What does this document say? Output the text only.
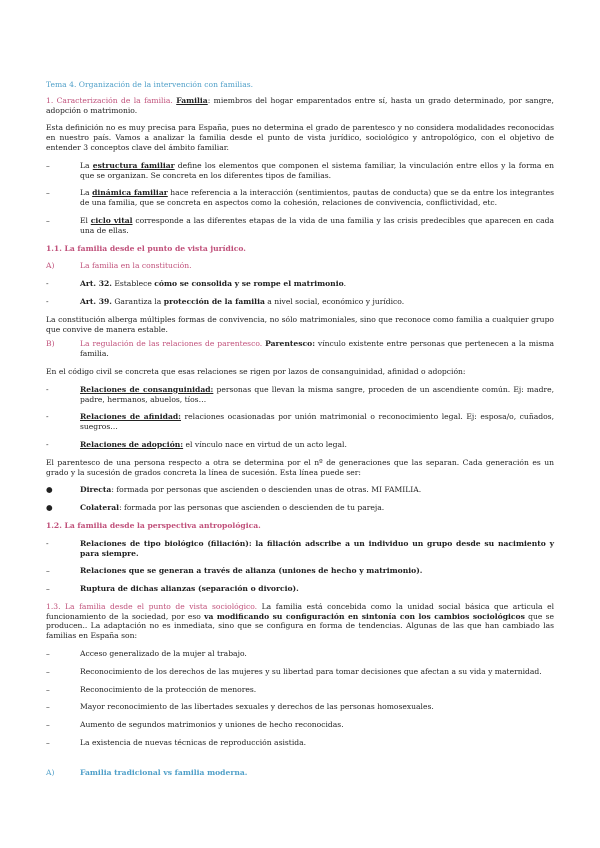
Tema 4. Organización de la intervención con familias.

1. Caracterización de la familia. Familia: miembros del hogar emparentados entre sí, hasta un grado determinado, por sangre, adopción o matrimonio.

Esta definición no es muy precisa para España, pues no determina el grado de parentesco y no considera modalidades reconocidas en nuestro país. Vamos a analizar la familia desde el punto de vista jurídico, sociológico y antropológico, con el objetivo de entender 3 conceptos clave del ámbito familiar.

–	La estructura familiar define los elementos que componen el sistema familiar, la vinculación entre ellos y la forma en que se organizan. Se concreta en los diferentes tipos de familias.

–	La dinámica familiar hace referencia a la interacción (sentimientos, pautas de conducta) que se da entre los integrantes de una familia, que se concreta en aspectos como la cohesión, relaciones de convivencia, conflictividad, etc.

–	El ciclo vital corresponde a las diferentes etapas de la vida de una familia y las crisis predecibles que aparecen en cada una de ellas.

1.1. La familia desde el punto de vista jurídico.

A)	La familia en la constitución.
-	Art. 32. Establece cómo se consolida y se rompe el matrimonio.

-	Art. 39. Garantiza la protección de la familia a nivel social, económico y jurídico.

La constitución alberga múltiples formas de convivencia, no sólo matrimoniales, sino que reconoce como familia a cualquier grupo que convive de manera estable.

B)	La regulación de las relaciones de parentesco. Parentesco: vínculo existente entre personas que pertenecen a la misma familia.

En el código civil se concreta que esas relaciones se rigen por lazos de consanguinidad, afinidad o adopción:

-	Relaciones de consanguinidad: personas que llevan la misma sangre, proceden de un ascendiente común. Ej: madre, padre, hermanos, abuelos, tíos…

-	Relaciones de afinidad: relaciones ocasionadas por unión matrimonial o reconocimiento legal. Ej: esposa/o, cuñados, suegros…

-	Relaciones de adopción: el vínculo nace en virtud de un acto legal.

El parentesco de una persona respecto a otra se determina por el nº de generaciones que las separan. Cada generación es un grado y la sucesión de grados concreta la línea de sucesión. Esta línea puede ser:

●	Directa: formada por personas que ascienden o descienden unas de otras. MI FAMILIA.

●	Colateral: formada por las personas que ascienden o descienden de tu pareja.

1.2. La familia desde la perspectiva antropológica.

-	Relaciones de tipo biológico (filiación): la filiación adscribe a un individuo un grupo desde su nacimiento y para siempre.

–	Relaciones que se generan a través de alianza (uniones de hecho y matrimonio).

–	Ruptura de dichas alianzas (separación o divorcio).

1.3. La familia desde el punto de vista sociológico. La familia está concebida como la unidad social básica que articula el funcionamiento de la sociedad, por eso va modificando su configuración en sintonía con los cambios sociológicos que se producen.. La adaptación no es inmediata, sino que se configura en forma de tendencias. Algunas de las que han cambiado las familias en España son:

–	Acceso generalizado de la mujer al trabajo.

–	Reconocimiento de los derechos de las mujeres y su libertad para tomar decisiones que afectan a su vida y maternidad.

–	Reconocimiento de la protección de menores.

–	Mayor reconocimiento de las libertades sexuales y derechos de las personas homosexuales.

–	Aumento de segundos matrimonios y uniones de hecho reconocidas.

–	La existencia de nuevas técnicas de reproducción asistida.

A)	Familia tradicional vs familia moderna.
